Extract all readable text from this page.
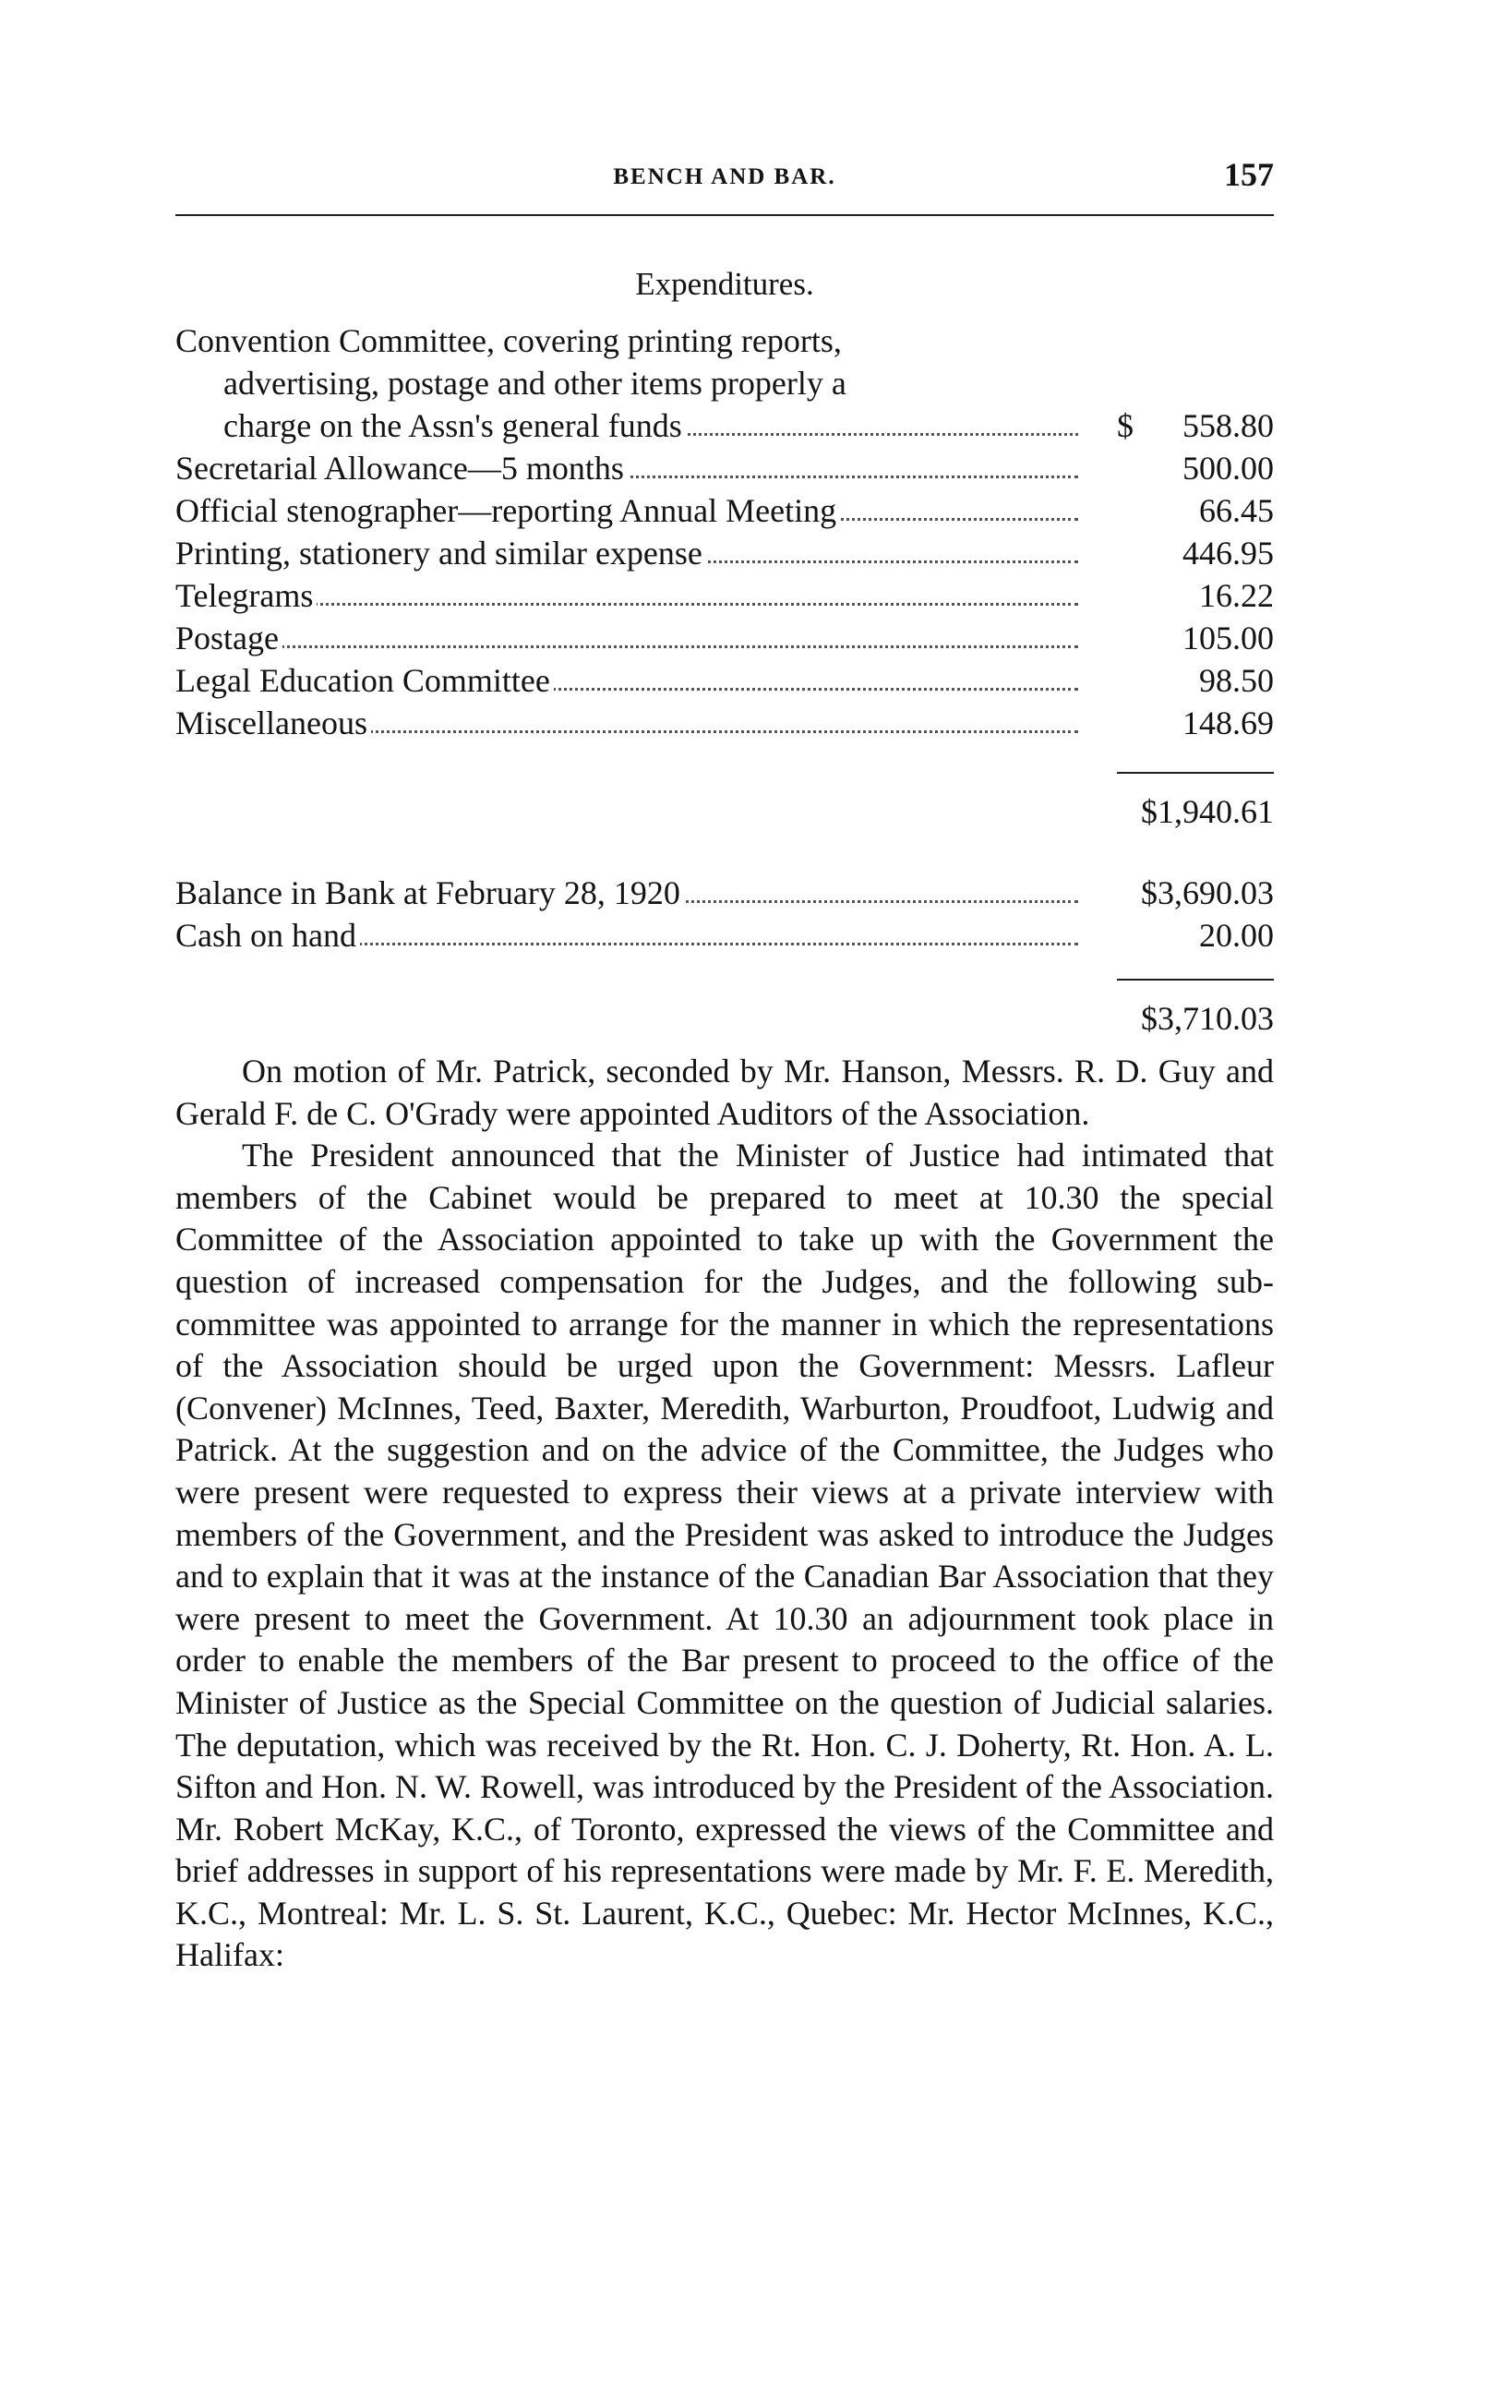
BENCH AND BAR.	157
Expenditures.
Convention Committee, covering printing reports,
advertising, postage and other items properly a
charge on the Assn's general funds	$ 558.80
Secretarial Allowance—5 months	500.00
Official stenographer—reporting Annual Meeting	66.45
Printing, stationery and similar expense	446.95
Telegrams	16.22
Postage	105.00
Legal Education Committee	98.50
Miscellaneous	148.69
$1,940.61
Balance in Bank at February 28, 1920	$3,690.03
Cash on hand	20.00
$3,710.03

On motion of Mr. Patrick, seconded by Mr. Hanson, Messrs. R. D. Guy and Gerald F. de C. O'Grady were appointed Auditors of the Association.

The President announced that the Minister of Justice had intimated that members of the Cabinet would be prepared to meet at 10.30 the special Committee of the Association appointed to take up with the Government the question of increased compensation for the Judges, and the following sub-committee was appointed to arrange for the manner in which the representations of the Association should be urged upon the Government: Messrs. Lafleur (Convener) McInnes, Teed, Baxter, Meredith, Warburton, Proudfoot, Ludwig and Patrick. At the suggestion and on the advice of the Committee, the Judges who were present were requested to express their views at a private interview with members of the Government, and the President was asked to introduce the Judges and to explain that it was at the instance of the Canadian Bar Association that they were present to meet the Government. At 10.30 an adjournment took place in order to enable the members of the Bar present to proceed to the office of the Minister of Justice as the Special Committee on the question of Judicial salaries. The deputation, which was received by the Rt. Hon. C. J. Doherty, Rt. Hon. A. L. Sifton and Hon. N. W. Rowell, was introduced by the President of the Association. Mr. Robert McKay, K.C., of Toronto, expressed the views of the Committee and brief addresses in support of his representations were made by Mr. F. E. Meredith, K.C., Montreal: Mr. L. S. St. Laurent, K.C., Quebec: Mr. Hector McInnes, K.C., Halifax:
